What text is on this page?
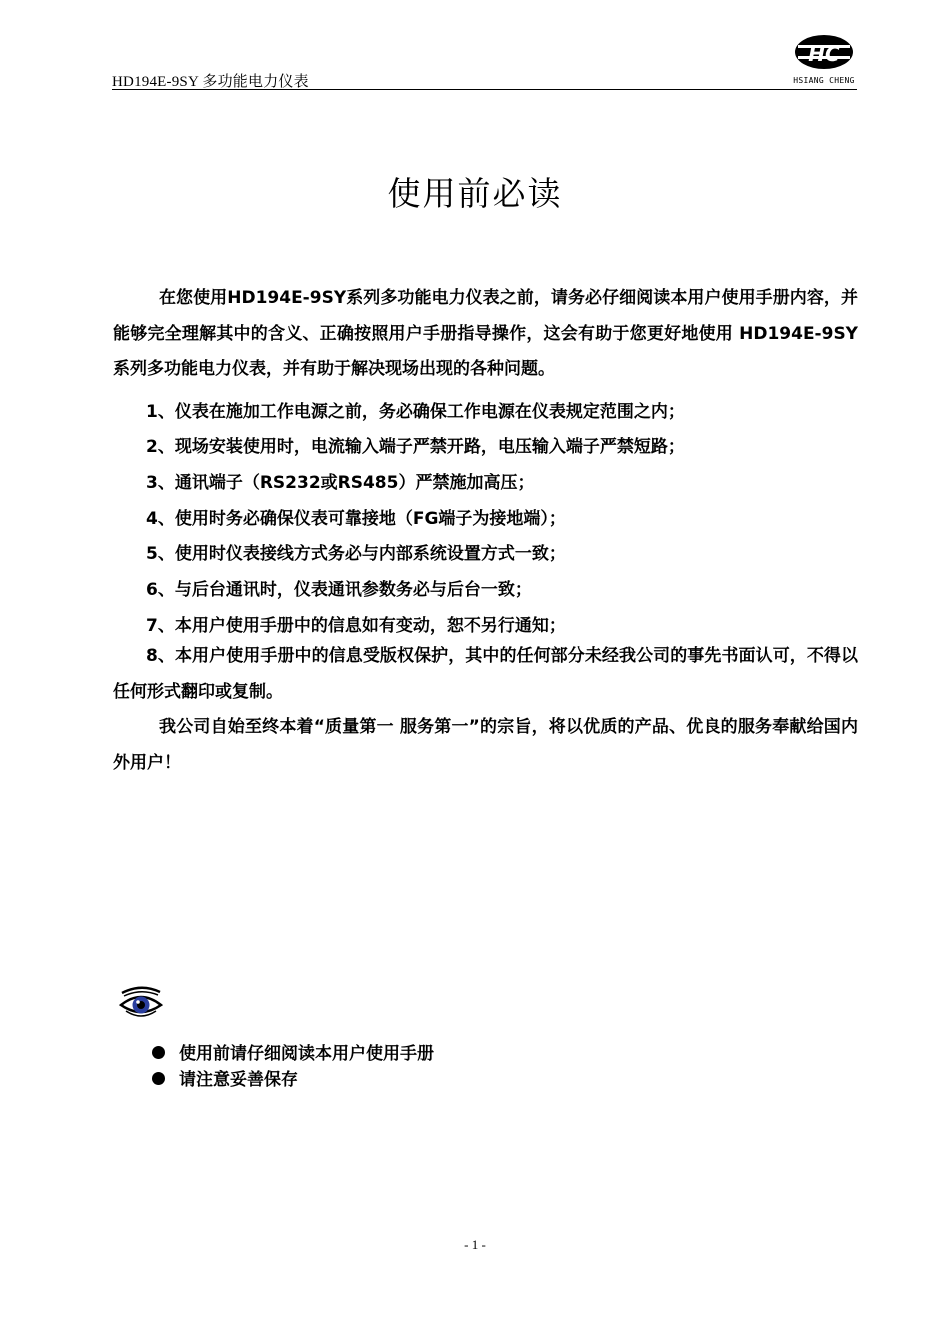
HD194E-9SY 多功能电力仪表
HC
HSIANG CHENG
使用前必读

在您使用HD194E-9SY系列多功能电力仪表之前，请务必仔细阅读本用户使用手册内容，并能够完全理解其中的含义、正确按照用户手册指导操作，这会有助于您更好地使用 HD194E-9SY系列多功能电力仪表，并有助于解决现场出现的各种问题。

1、仪表在施加工作电源之前，务必确保工作电源在仪表规定范围之内；

2、现场安装使用时，电流输入端子严禁开路，电压输入端子严禁短路；

3、通讯端子（RS232或RS485）严禁施加高压；

4、使用时务必确保仪表可靠接地（FG端子为接地端）；

5、使用时仪表接线方式务必与内部系统设置方式一致；

6、与后台通讯时，仪表通讯参数务必与后台一致；

7、本用户使用手册中的信息如有变动，恕不另行通知；

8、本用户使用手册中的信息受版权保护，其中的任何部分未经我公司的事先书面认可，不得以任何形式翻印或复制。

我公司自始至终本着“质量第一 服务第一”的宗旨，将以优质的产品、优良的服务奉献给国内外用户！

使用前请仔细阅读本用户使用手册
请注意妥善保存
- 1 -
